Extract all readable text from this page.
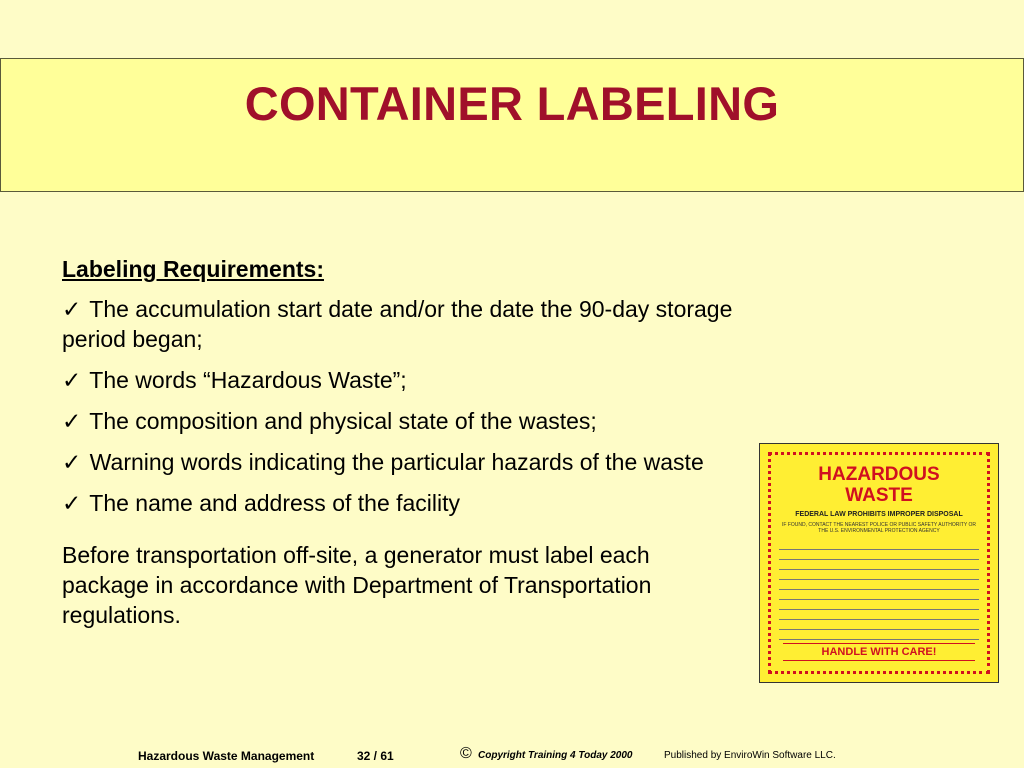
CONTAINER LABELING
Labeling Requirements:
✓ The accumulation start date and/or the date the 90-day storage period began;
✓ The words “Hazardous Waste”;
✓ The composition and physical state of the wastes;
✓ Warning words indicating the particular hazards of the waste
✓ The name and address of the facility
Before transportation off-site, a generator must label each package in accordance with Department of Transportation regulations.
HAZARDOUS
WASTE
FEDERAL LAW PROHIBITS IMPROPER DISPOSAL
IF FOUND, CONTACT THE NEAREST POLICE OR PUBLIC SAFETY AUTHORITY OR THE U.S. ENVIRONMENTAL PROTECTION AGENCY
HANDLE WITH CARE!
Hazardous Waste Management	32 / 61	© Copyright Training 4 Today 2000	Published by EnviroWin Software LLC.
